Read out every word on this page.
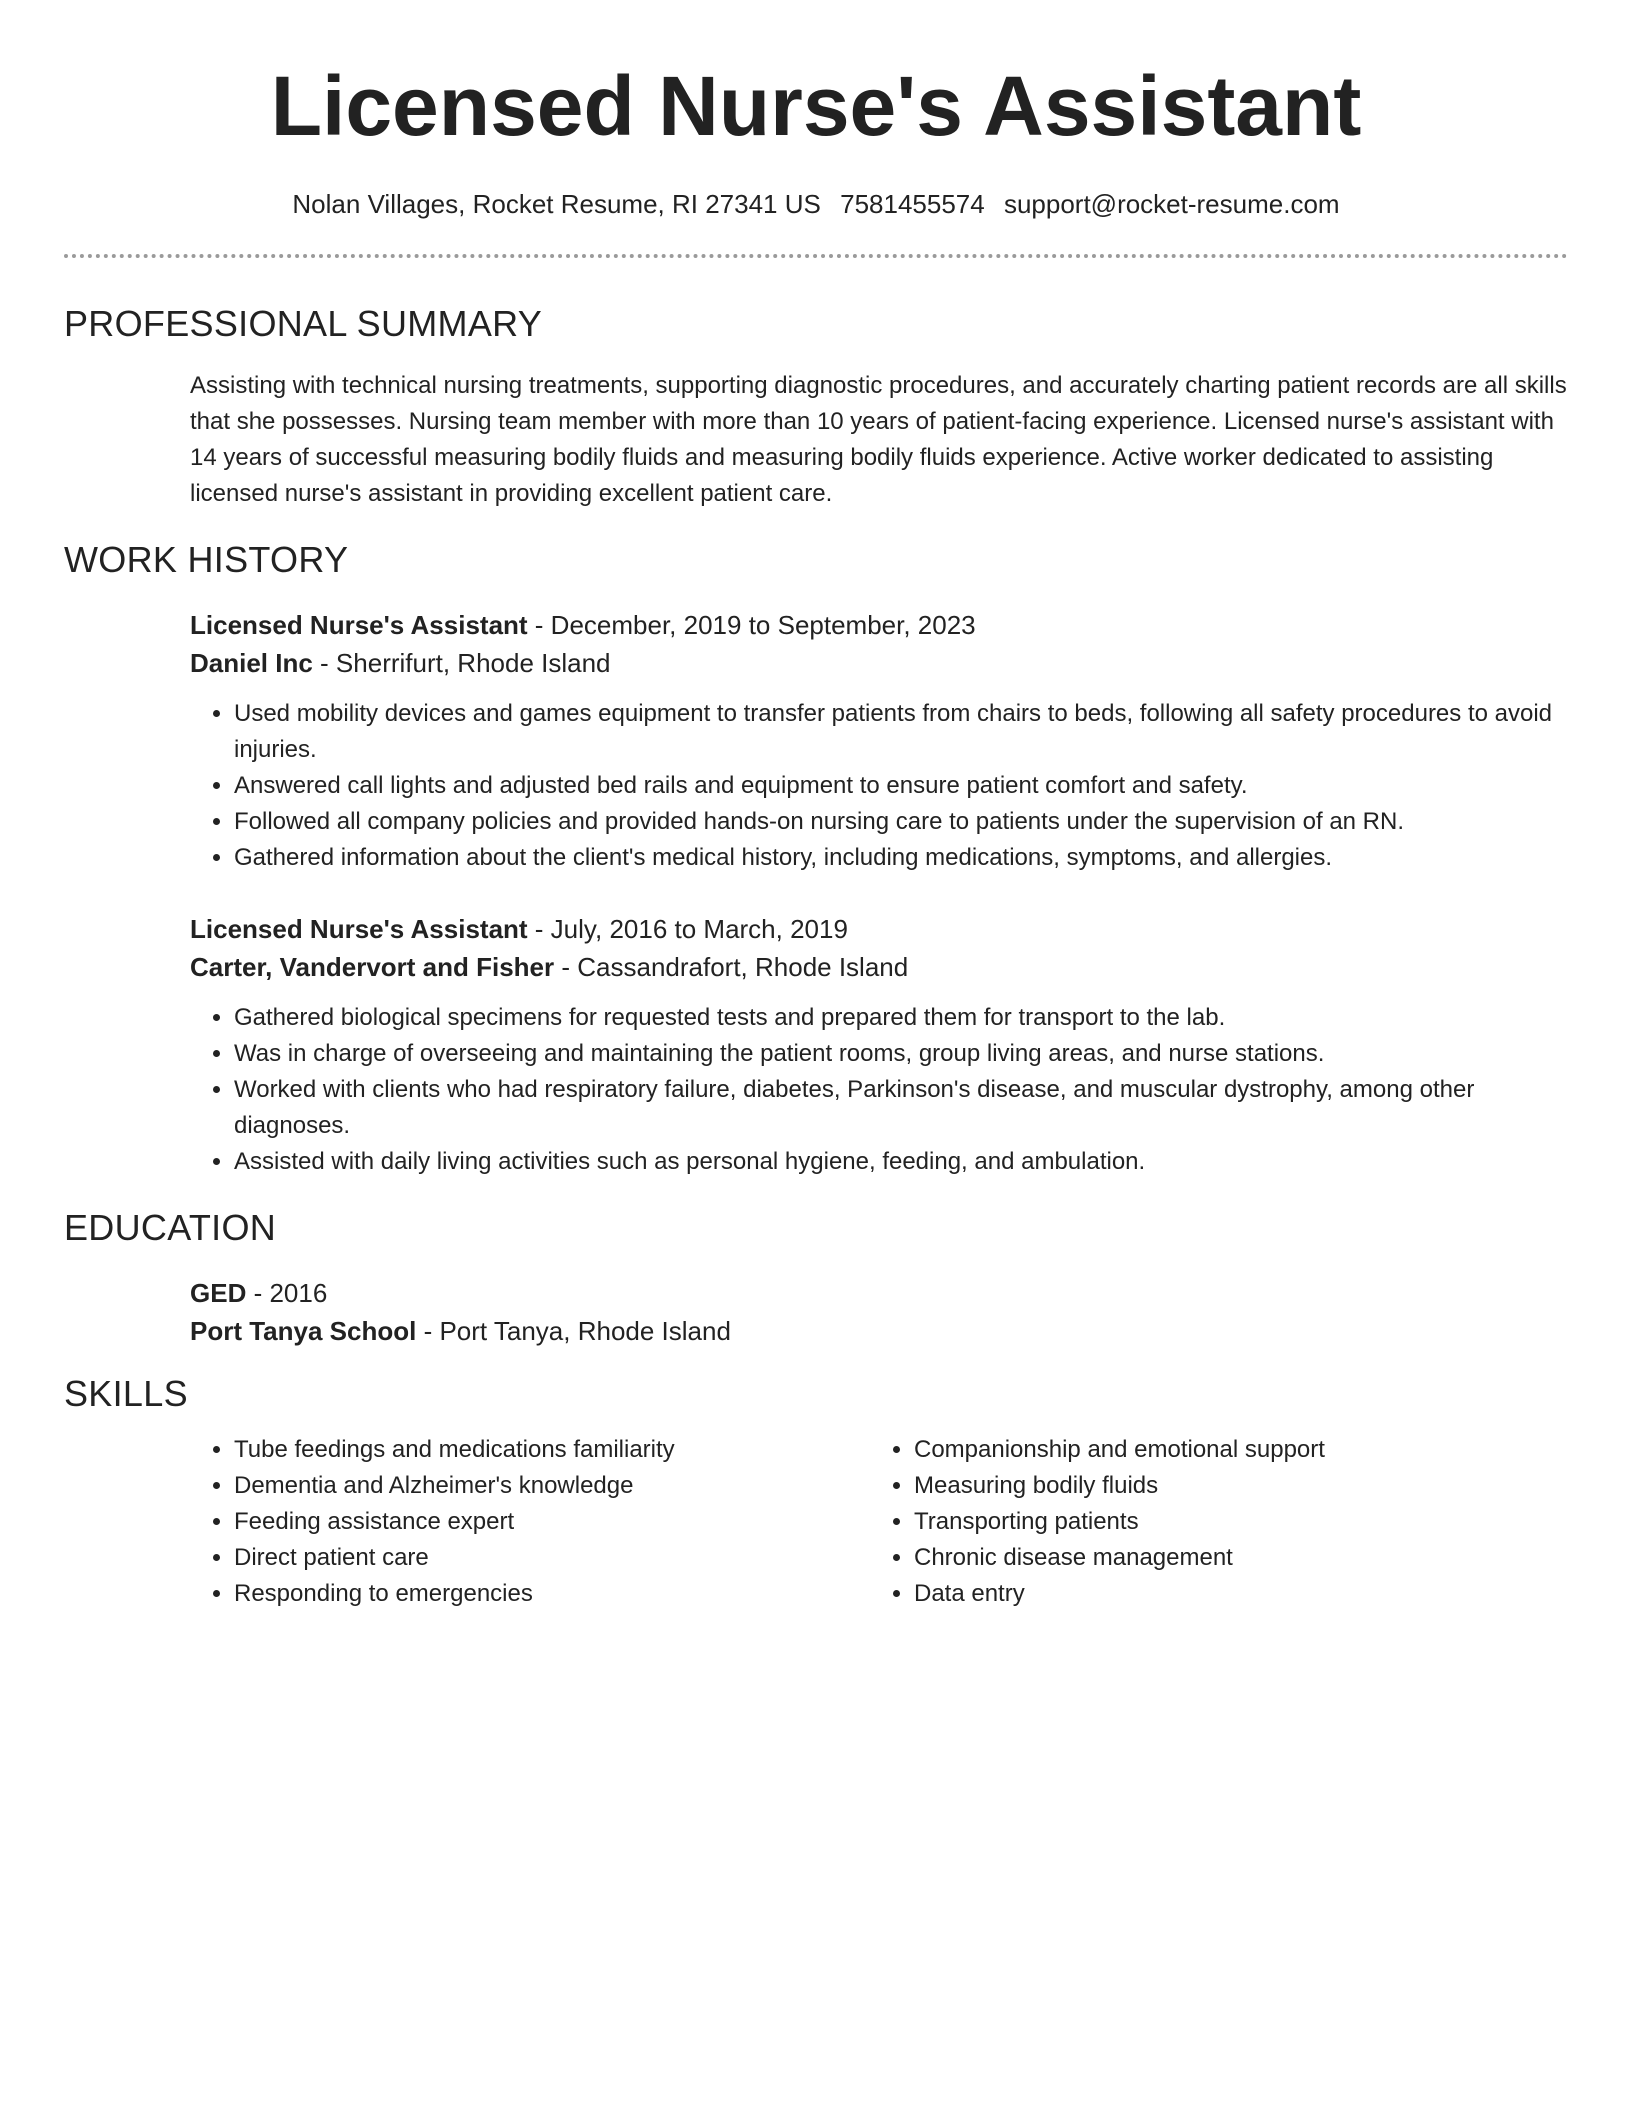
Licensed Nurse's Assistant
Nolan Villages, Rocket Resume, RI 27341 US 7581455574 support@rocket-resume.com
PROFESSIONAL SUMMARY
Assisting with technical nursing treatments, supporting diagnostic procedures, and accurately charting patient records are all skills that she possesses. Nursing team member with more than 10 years of patient-facing experience. Licensed nurse's assistant with 14 years of successful measuring bodily fluids and measuring bodily fluids experience. Active worker dedicated to assisting licensed nurse's assistant in providing excellent patient care.
WORK HISTORY
Licensed Nurse's Assistant - December, 2019 to September, 2023
Daniel Inc - Sherrifurt, Rhode Island
• Used mobility devices and games equipment to transfer patients from chairs to beds, following all safety procedures to avoid injuries.
• Answered call lights and adjusted bed rails and equipment to ensure patient comfort and safety.
• Followed all company policies and provided hands-on nursing care to patients under the supervision of an RN.
• Gathered information about the client's medical history, including medications, symptoms, and allergies.
Licensed Nurse's Assistant - July, 2016 to March, 2019
Carter, Vandervort and Fisher - Cassandrafort, Rhode Island
• Gathered biological specimens for requested tests and prepared them for transport to the lab.
• Was in charge of overseeing and maintaining the patient rooms, group living areas, and nurse stations.
• Worked with clients who had respiratory failure, diabetes, Parkinson's disease, and muscular dystrophy, among other diagnoses.
• Assisted with daily living activities such as personal hygiene, feeding, and ambulation.
EDUCATION
GED - 2016
Port Tanya School - Port Tanya, Rhode Island
SKILLS
• Tube feedings and medications familiarity
• Dementia and Alzheimer's knowledge
• Feeding assistance expert
• Direct patient care
• Responding to emergencies
• Companionship and emotional support
• Measuring bodily fluids
• Transporting patients
• Chronic disease management
• Data entry
